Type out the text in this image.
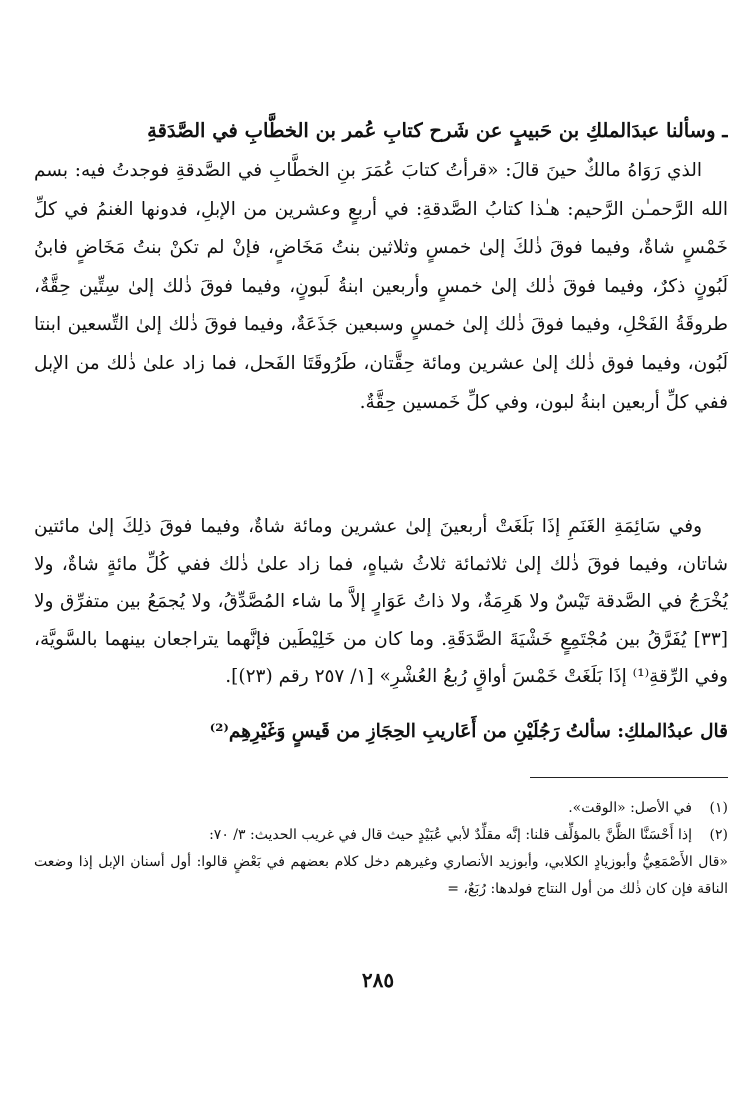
ـ وسألنا عبدَالملكِ بن حَبيبٍ عن شَرح كتابِ عُمر بن الخطَّابِ في الصَّدَقةِ
الذي رَوَاهُ مالكٌ حينَ قالَ: «قرأتُ كتابَ عُمَرَ بنِ الخطَّابِ في الصَّدقةِ فوجدتُ فيه: بسم الله الرَّحمـٰن الرَّحيم: هـٰذا كتابُ الصَّدقةِ: في أربعٍ وعشرين من الإبلِ، فدونها الغنمُ في كلِّ خَمْسٍ شاةٌ، وفيما فوقَ ذٰلكَ إلىٰ خمسٍ وثلاثين بنتُ مَخَاضٍ، فإنْ لم تكنْ بنتُ مَخَاضٍ فابنُ لَبُونٍ ذكرٌ، وفيما فوقَ ذٰلك إلىٰ خمسٍ وأربعين ابنةُ لَبونٍ، وفيما فوقَ ذٰلك إلىٰ سِتِّين حِقَّةٌ، طروقَةُ الفَحْلِ، وفيما فوقَ ذٰلك إلىٰ خمسٍ وسبعين جَذَعَةٌ، وفيما فوقَ ذٰلك إلىٰ التِّسعين ابنتا لَبُون، وفيما فوق ذٰلك إلىٰ عشرين ومائة حِقَّتان، طَرُوقَتَا الفَحل، فما زاد علىٰ ذٰلك من الإبل ففي كلِّ أربعين ابنةُ لبون، وفي كلِّ خَمسين حِقَّةٌ.
وفي سَائِمَةِ الغَنَمِ إذَا بَلَغَتْ أربعينَ إلىٰ عشرين ومائة شاةٌ، وفيما فوقَ ذلِكَ إلىٰ مائتين شاتان، وفيما فوقَ ذٰلك إلىٰ ثلاثمائة ثلاثُ شياهٍ، فما زاد علىٰ ذٰلك ففي كُلِّ مائةٍ شاةٌ، ولا يُخْرَجُ في الصَّدقة تَيْسٌ ولا هَرِمَةٌ، ولا ذاتُ عَوَارٍ إلاَّ ما شاء المُصَّدِّقُ، ولا يُجمَعُ بين متفرِّق ولا [٣٣] يُفَرَّقُ بين مُجْتَمِعٍ خَشْيَةَ الصَّدَقَةِ. وما كان من خَلِيْطَين فإنَّهما يتراجعان بينهما بالسَّويَّة، وفي الرِّقةِ⁽¹⁾ إذَا بَلَغَتْ خَمْسَ أواقٍ رُبعُ العُشْرِ» [١/ ٢٥٧ رقم (٢٣)].
قال عبدُالملكِ: سألتُ رَجُلَيْنِ من أَعَاريبِ الحِجَازِ من قَيسٍ وَغَيْرِهِم⁽²⁾
(١)
في الأصل: «الوقت».
(٢)
إذا أَحْسَنَّا الظَّنَّ بالمؤلِّف قلنا: إنَّه مقلِّدٌ لأبي عُبَيْدٍ حيث قال في غريب الحديث: ٣/ ٧٠:
«قال الأَصْمَعِيُّ وأبوزيادٍ الكلابي، وأبوزيد الأنصاري وغيرهم دخل كلام بعضهم في بَعْضٍ قالوا: أول أسنان الإبل إذا وضعت الناقة فإن كان ذٰلك من أول النتاج فولدها: رُبَعٌ، =
٢٨٥
